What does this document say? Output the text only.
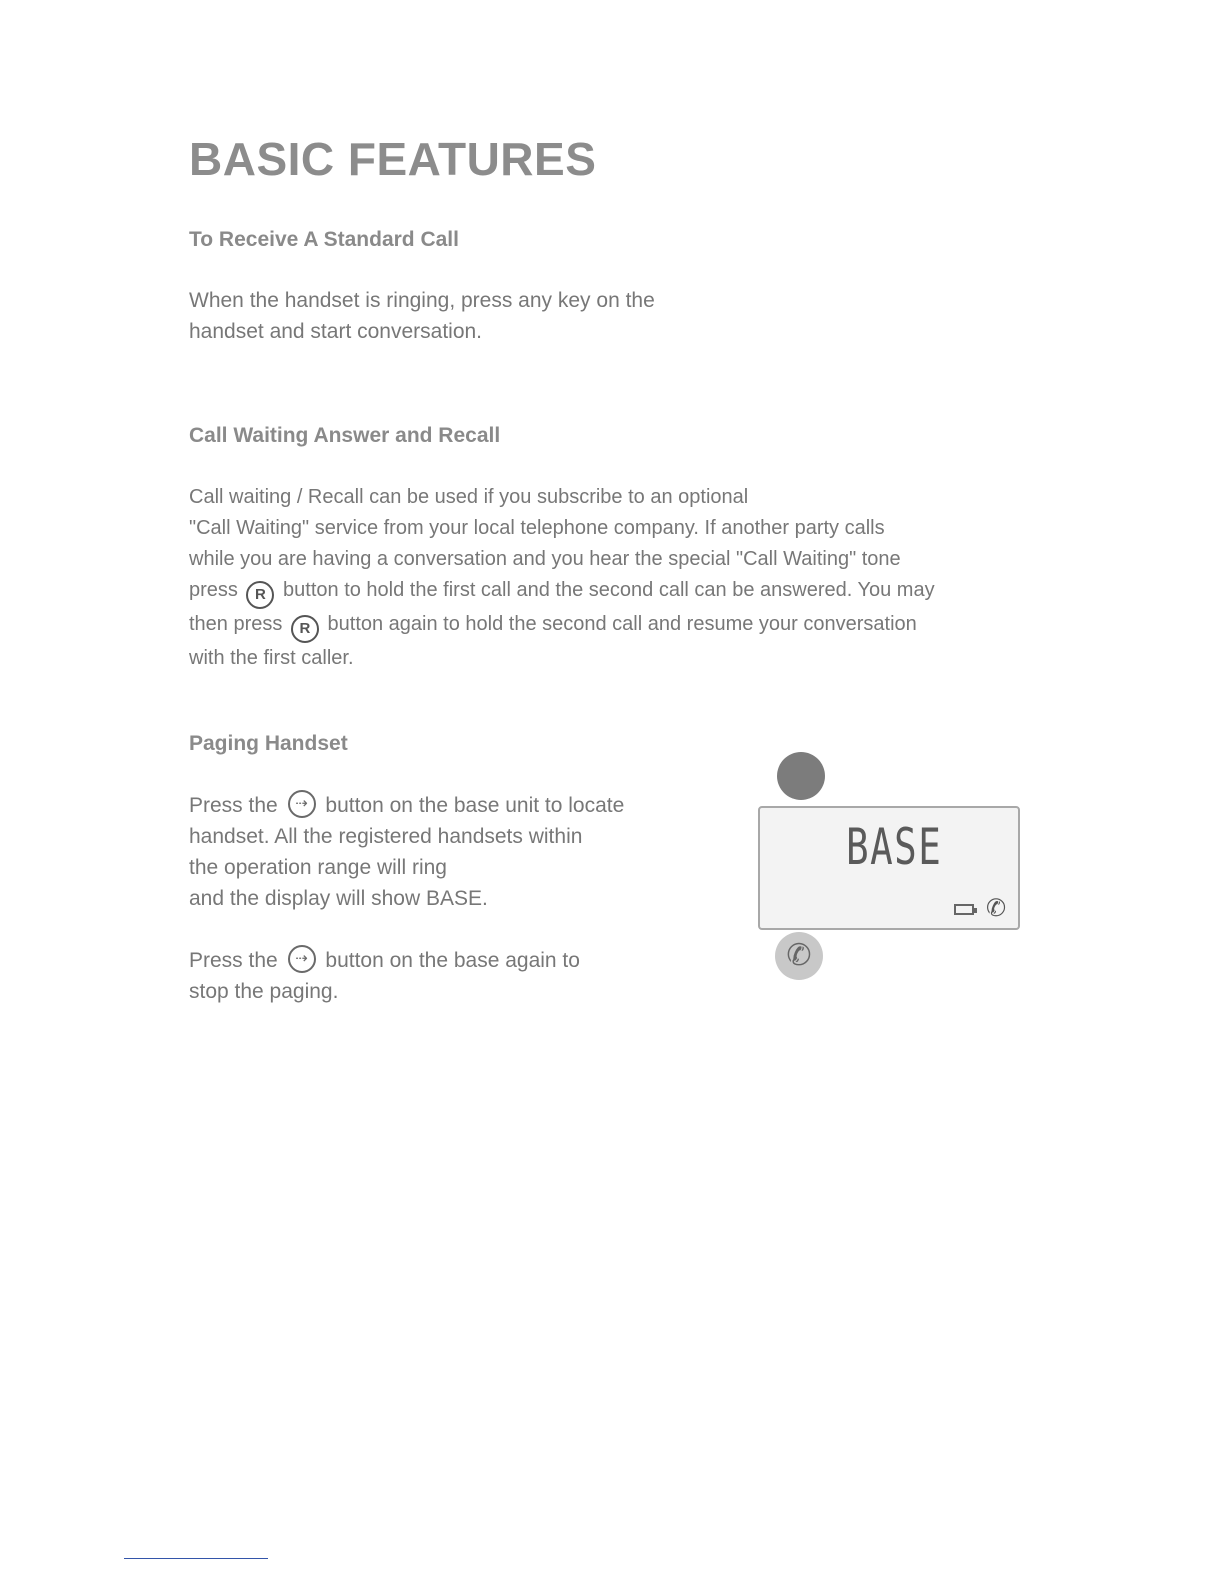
BASIC FEATURES
To Receive A Standard Call
When the handset is ringing, press any key on the
handset and start conversation.
Call Waiting Answer and Recall
Call waiting / Recall can be used if you subscribe to an optional
"Call Waiting" service from your local telephone company. If another party calls
while you are having a conversation and you hear the special "Call Waiting" tone
press R button to hold the first call and the second call can be answered. You may
then press R button again to hold the second call and resume your conversation
with the first caller.
Paging Handset
Press the ⇢ button on the base unit to locate
handset. All the registered handsets within
the operation range will ring
and the display will show BASE.
Press the ⇢ button on the base again to
stop the paging.
BASE
✆
✆
